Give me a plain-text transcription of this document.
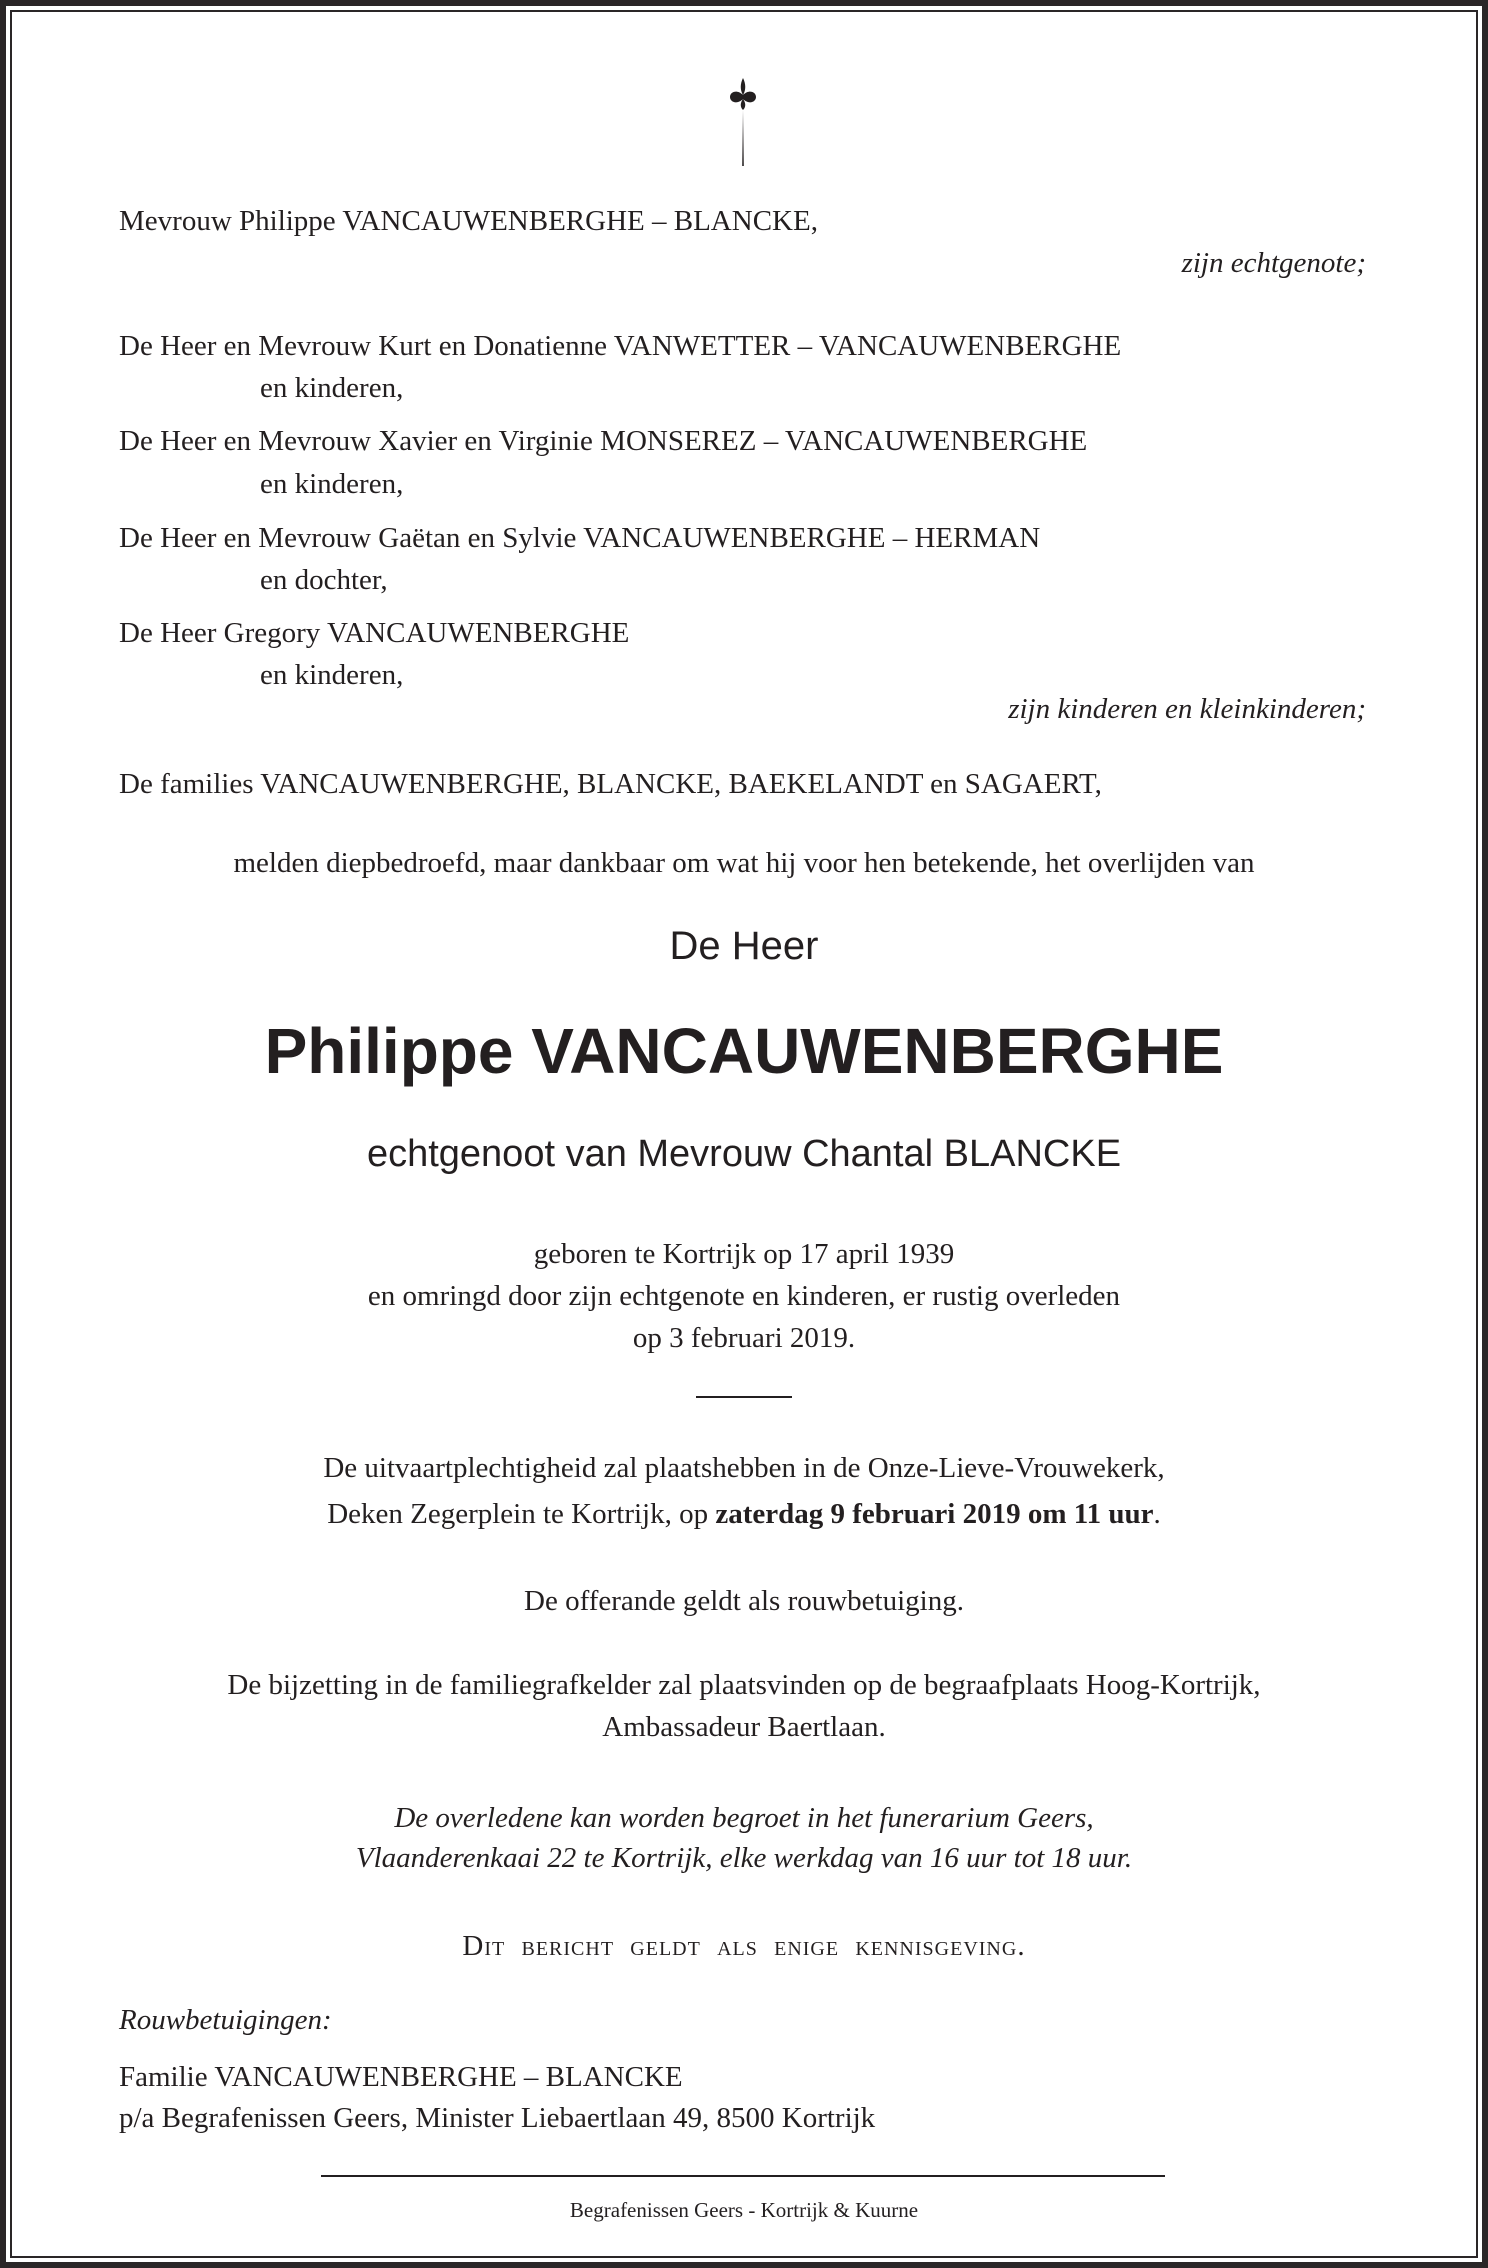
Mevrouw Philippe VANCAUWENBERGHE – BLANCKE,
zijn echtgenote;
De Heer en Mevrouw Kurt en Donatienne VANWETTER – VANCAUWENBERGHE
en kinderen,
De Heer en Mevrouw Xavier en Virginie MONSEREZ – VANCAUWENBERGHE
en kinderen,
De Heer en Mevrouw Gaëtan en Sylvie VANCAUWENBERGHE – HERMAN
en dochter,
De Heer Gregory VANCAUWENBERGHE
en kinderen,
zijn kinderen en kleinkinderen;
De families VANCAUWENBERGHE, BLANCKE, BAEKELANDT en SAGAERT,
melden diepbedroefd, maar dankbaar om wat hij voor hen betekende, het overlijden van
De Heer
Philippe VANCAUWENBERGHE
echtgenoot van Mevrouw Chantal BLANCKE
geboren te Kortrijk op 17 april 1939
en omringd door zijn echtgenote en kinderen, er rustig overleden
op 3 februari 2019.
De uitvaartplechtigheid zal plaatshebben in de Onze-Lieve-Vrouwekerk,
Deken Zegerplein te Kortrijk, op zaterdag 9 februari 2019 om 11 uur.
De offerande geldt als rouwbetuiging.
De bijzetting in de familiegrafkelder zal plaatsvinden op de begraafplaats Hoog-Kortrijk,
Ambassadeur Baertlaan.
De overledene kan worden begroet in het funerarium Geers,
Vlaanderenkaai 22 te Kortrijk, elke werkdag van 16 uur tot 18 uur.
Dit bericht geldt als enige kennisgeving.
Rouwbetuigingen:
Familie VANCAUWENBERGHE – BLANCKE
p/a Begrafenissen Geers, Minister Liebaertlaan 49, 8500 Kortrijk
Begrafenissen Geers - Kortrijk & Kuurne
